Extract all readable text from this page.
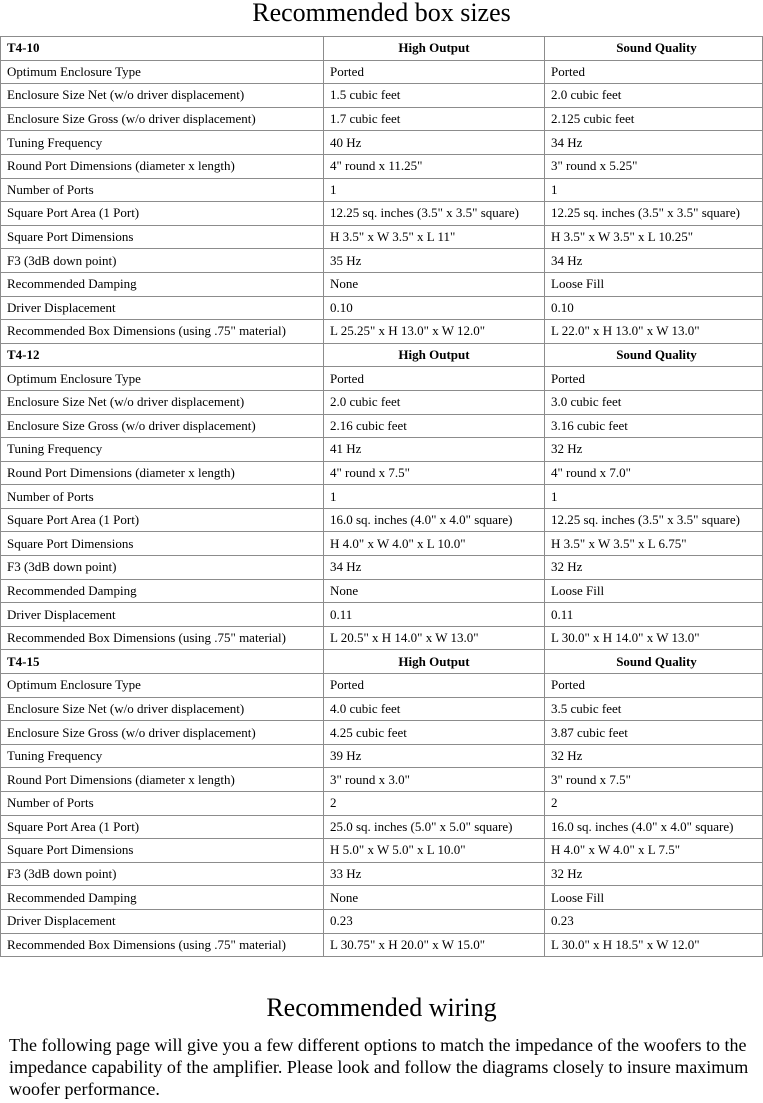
Recommended box sizes
T4-10	High Output	Sound Quality
Optimum Enclosure Type	Ported	Ported
Enclosure Size Net (w/o driver displacement)	1.5 cubic feet	2.0 cubic feet
Enclosure Size Gross (w/o driver displacement)	1.7 cubic feet	2.125 cubic feet
Tuning Frequency	40 Hz	34 Hz
Round Port Dimensions (diameter x length)	4" round x 11.25"	3" round x 5.25"
Number of Ports	1	1
Square Port Area (1 Port)	12.25 sq. inches (3.5" x 3.5" square)	12.25 sq. inches (3.5" x 3.5" square)
Square Port Dimensions	H 3.5" x W 3.5" x L 11"	H 3.5" x W 3.5" x L 10.25"
F3 (3dB down point)	35 Hz	34 Hz
Recommended Damping	None	Loose Fill
Driver Displacement	0.10	0.10
Recommended Box Dimensions (using .75" material)	L 25.25" x H 13.0" x W 12.0"	L 22.0" x H 13.0" x W 13.0"
T4-12	High Output	Sound Quality
Optimum Enclosure Type	Ported	Ported
Enclosure Size Net (w/o driver displacement)	2.0 cubic feet	3.0 cubic feet
Enclosure Size Gross (w/o driver displacement)	2.16 cubic feet	3.16 cubic feet
Tuning Frequency	41 Hz	32 Hz
Round Port Dimensions (diameter x length)	4" round x 7.5"	4" round x 7.0"
Number of Ports	1	1
Square Port Area (1 Port)	16.0 sq. inches (4.0" x 4.0" square)	12.25 sq. inches (3.5" x 3.5" square)
Square Port Dimensions	H 4.0" x W 4.0" x L 10.0"	H 3.5" x W 3.5" x L 6.75"
F3 (3dB down point)	34 Hz	32 Hz
Recommended Damping	None	Loose Fill
Driver Displacement	0.11	0.11
Recommended Box Dimensions (using .75" material)	L 20.5" x H 14.0" x W 13.0"	L 30.0" x H 14.0" x W 13.0"
T4-15	High Output	Sound Quality
Optimum Enclosure Type	Ported	Ported
Enclosure Size Net (w/o driver displacement)	4.0 cubic feet	3.5 cubic feet
Enclosure Size Gross (w/o driver displacement)	4.25 cubic feet	3.87 cubic feet
Tuning Frequency	39 Hz	32 Hz
Round Port Dimensions (diameter x length)	3" round x 3.0"	3" round x 7.5"
Number of Ports	2	2
Square Port Area (1 Port)	25.0 sq. inches (5.0" x 5.0" square)	16.0 sq. inches (4.0" x 4.0" square)
Square Port Dimensions	H 5.0" x W 5.0" x L 10.0"	H 4.0" x W 4.0" x L 7.5"
F3 (3dB down point)	33 Hz	32 Hz
Recommended Damping	None	Loose Fill
Driver Displacement	0.23	0.23
Recommended Box Dimensions (using .75" material)	L 30.75" x H 20.0" x W 15.0"	L 30.0" x H 18.5" x W 12.0"
Recommended wiring

The following page will give you a few different options to match the impedance of the woofers to the impedance capability of the amplifier. Please look and follow the diagrams closely to insure maximum woofer performance.
